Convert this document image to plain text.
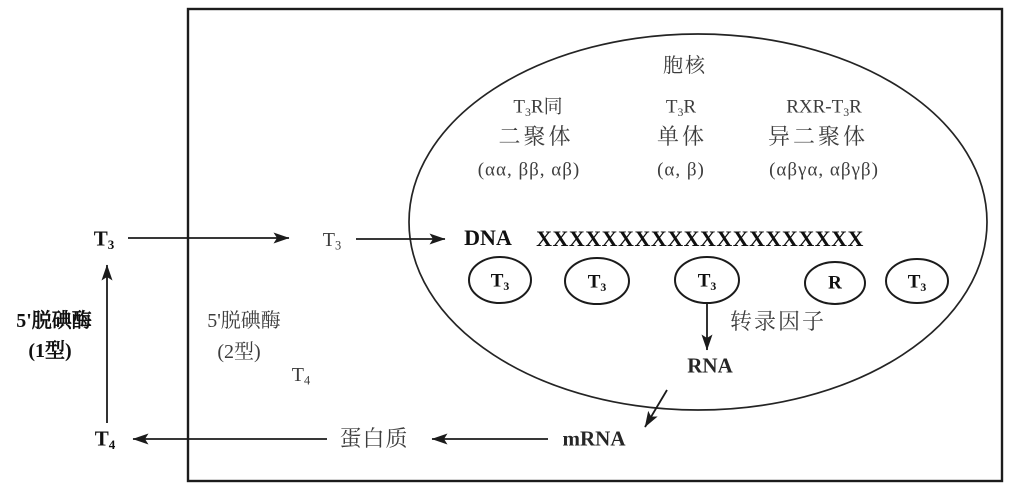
$T_3$
$T_4$
5'脱碘酶
(1型)
$T_3$
5'脱碘酶
(2型)
$T_4$
胞核
$T_3R$同
二聚体
(αα, ββ, αβ)
$T_3R$
单体
(α, β)
RXR-$T_3R$
异二聚体
(αβγα, αβγβ)
DNA XXXXXXXXXXXXXXXXXXXX
$T_3$	$T_3$	$T_3$	R	$T_3$
转录因子
RNA
mRNA
蛋白质
